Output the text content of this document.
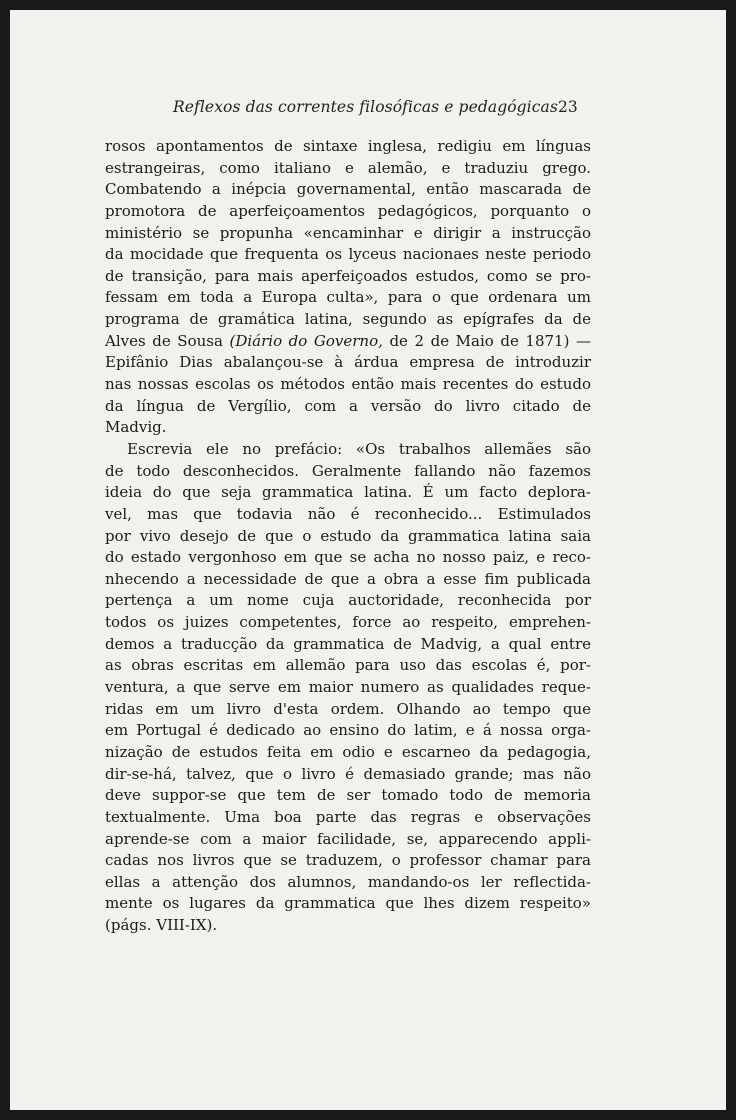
Reflexos das correntes filosóficas e pedagógicas 23
rosos apontamentos de sintaxe inglesa, redigiu em línguas
estrangeiras, como italiano e alemão, e traduziu grego.
Combatendo a inépcia governamental, então mascarada de
promotora de aperfeiçoamentos pedagógicos, porquanto o
ministério se propunha «encaminhar e dirigir a instrucção
da mocidade que frequenta os lyceus nacionaes neste periodo
de transição, para mais aperfeiçoados estudos, como se pro-
fessam em toda a Europa culta», para o que ordenara um
programa de gramática latina, segundo as epígrafes da de
Alves de Sousa (Diário do Governo, de 2 de Maio de 1871) —
Epifânio Dias abalançou-se à árdua empresa de introduzir
nas nossas escolas os métodos então mais recentes do estudo
da língua de Vergílio, com a versão do livro citado de
Madvig.
Escrevia ele no prefácio: «Os trabalhos allemães são
de todo desconhecidos. Geralmente fallando não fazemos
ideia do que seja grammatica latina. É um facto deplora-
vel, mas que todavia não é reconhecido... Estimulados
por vivo desejo de que o estudo da grammatica latina saia
do estado vergonhoso em que se acha no nosso paiz, e reco-
nhecendo a necessidade de que a obra a esse fim publicada
pertença a um nome cuja auctoridade, reconhecida por
todos os juizes competentes, force ao respeito, emprehen-
demos a traducção da grammatica de Madvig, a qual entre
as obras escritas em allemão para uso das escolas é, por-
ventura, a que serve em maior numero as qualidades reque-
ridas em um livro d'esta ordem. Olhando ao tempo que
em Portugal é dedicado ao ensino do latim, e á nossa orga-
nização de estudos feita em odio e escarneo da pedagogia,
dir-se-há, talvez, que o livro é demasiado grande; mas não
deve suppor-se que tem de ser tomado todo de memoria
textualmente. Uma boa parte das regras e observações
aprende-se com a maior facilidade, se, apparecendo appli-
cadas nos livros que se traduzem, o professor chamar para
ellas a attenção dos alumnos, mandando-os ler reflectida-
mente os lugares da grammatica que lhes dizem respeito»
(págs. VIII-IX).
